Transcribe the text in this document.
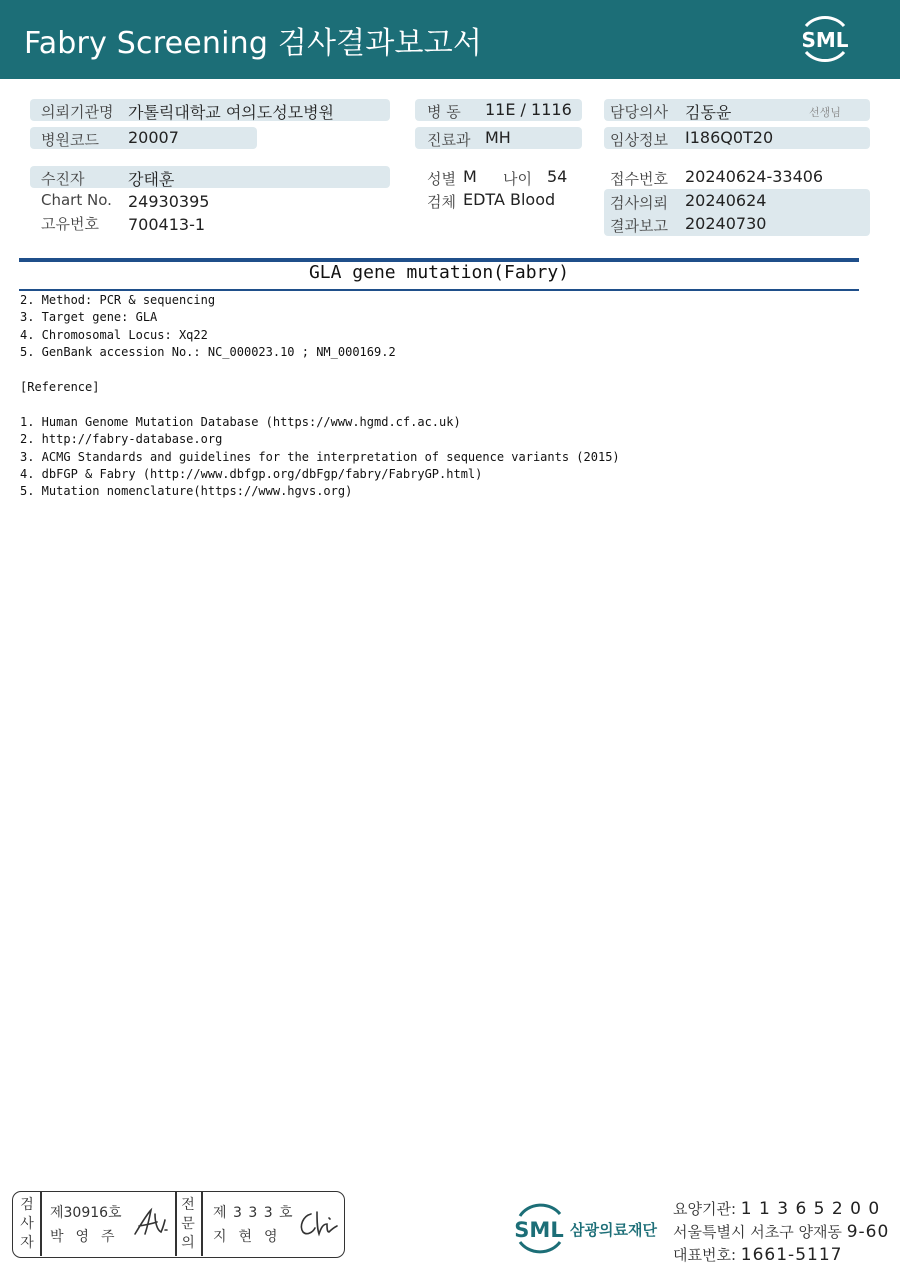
Fabry Screening 검사결과보고서	SML
의뢰기관명 가톨릭대학교 여의도성모병원
병원코드 20007
수진자	강태훈
Chart No. 24930395
고유번호 700413-1
병 동 11E / 1116
진료과 MH
성별 M 나이 54
검체 EDTA Blood
담당의사 김동윤	선생님
임상정보 I186Q0T20
접수번호 20240624-33406
검사의뢰 20240624
결과보고 20240730
GLA gene mutation(Fabry)
2. Method: PCR & sequencing
3. Target gene: GLA
4. Chromosomal Locus: Xq22
5. GenBank accession No.: NC_000023.10 ; NM_000169.2
[Reference]
1. Human Genome Mutation Database (https://www.hgmd.cf.ac.uk)
2. http://fabry-database.org
3. ACMG Standards and guidelines for the interpretation of sequence variants (2015)
4. dbFGP & Fabry (http://www.dbfgp.org/dbFgp/fabry/FabryGP.html)
5. Mutation nomenclature(https://www.hgvs.org)
검
사
자
제30916호
박영주
전
문
의
제 3 3 3 호
지현영	SML 삼광의료재단
요양기관: 1 1 3 6 5 2 0 0
서울특별시 서초구 양재동 9-60
대표번호: 1661-5117
